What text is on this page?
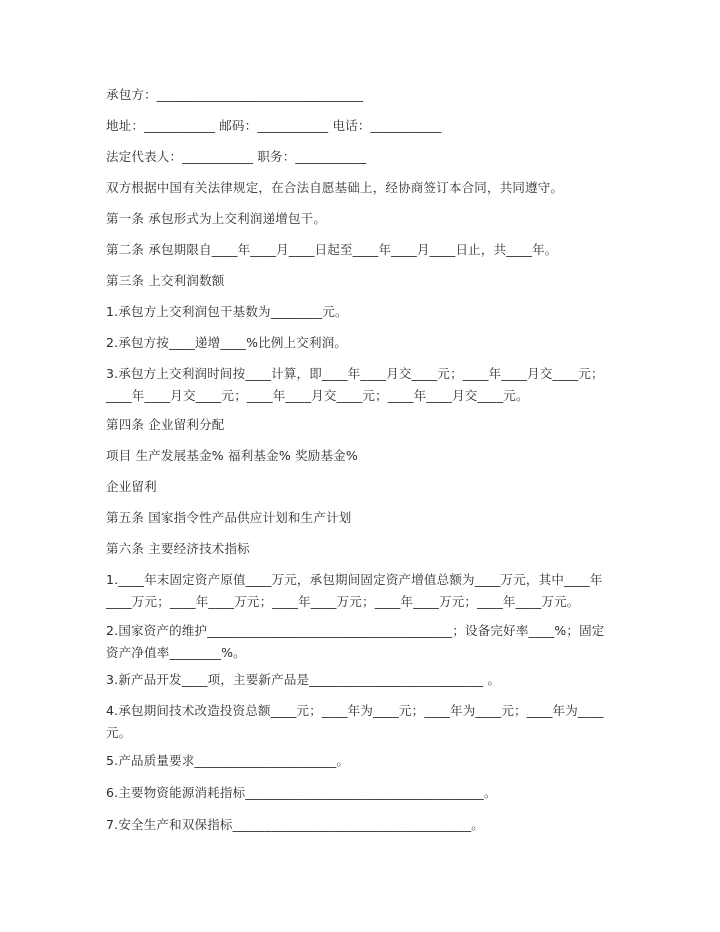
承包方：________________________________
地址：___________ 邮码：___________ 电话：___________
法定代表人：___________ 职务：___________
双方根据中国有关法律规定，在合法自愿基础上，经协商签订本合同，共同遵守。
第一条 承包形式为上交利润递增包干。
第二条 承包期限自____年____月____日起至____年____月____日止，共____年。
第三条 上交利润数额
1.承包方上交利润包干基数为________元。
2.承包方按____递增____%比例上交利润。
3.承包方上交利润时间按____计算，即____年____月交____元；____年____月交____元；____年____月交____元；____年____月交____元；____年____月交____元。
第四条 企业留利分配
项目 生产发展基金% 福利基金% 奖励基金%
企业留利
第五条 国家指令性产品供应计划和生产计划
第六条 主要经济技术指标
1.____年末固定资产原值____万元，承包期间固定资产增值总额为____万元，其中____年____万元；____年____万元；____年____万元；____年____万元；____年____万元。
2.国家资产的维护______________________________________；设备完好率____%；固定资产净值率________%。
3.新产品开发____项，主要新产品是___________________________ 。
4.承包期间技术改造投资总额____元；____年为____元；____年为____元；____年为____元。
5.产品质量要求______________________。
6.主要物资能源消耗指标_____________________________________。
7.安全生产和双保指标_____________________________________。
